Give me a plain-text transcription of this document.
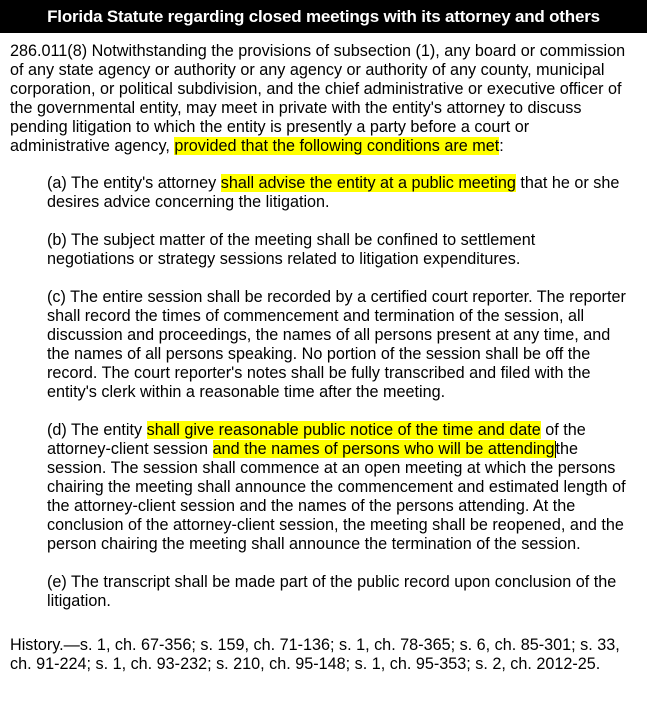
Florida Statute regarding closed meetings with its attorney and others

286.011(8) Notwithstanding the provisions of subsection (1), any board or commission of any state agency or authority or any agency or authority of any county, municipal corporation, or political subdivision, and the chief administrative or executive officer of the governmental entity, may meet in private with the entity's attorney to discuss pending litigation to which the entity is presently a party before a court or administrative agency, provided that the following conditions are met:

(a) The entity's attorney shall advise the entity at a public meeting that he or she desires advice concerning the litigation.

(b) The subject matter of the meeting shall be confined to settlement negotiations or strategy sessions related to litigation expenditures.

(c) The entire session shall be recorded by a certified court reporter. The reporter shall record the times of commencement and termination of the session, all discussion and proceedings, the names of all persons present at any time, and the names of all persons speaking. No portion of the session shall be off the record. The court reporter's notes shall be fully transcribed and filed with the entity's clerk within a reasonable time after the meeting.

(d) The entity shall give reasonable public notice of the time and date of the attorney-client session and the names of persons who will be attendingthe session. The session shall commence at an open meeting at which the persons chairing the meeting shall announce the commencement and estimated length of the attorney-client session and the names of the persons attending. At the conclusion of the attorney-client session, the meeting shall be reopened, and the person chairing the meeting shall announce the termination of the session.

(e) The transcript shall be made part of the public record upon conclusion of the litigation.

History.—s. 1, ch. 67-356; s. 159, ch. 71-136; s. 1, ch. 78-365; s. 6, ch. 85-301; s. 33, ch. 91-224; s. 1, ch. 93-232; s. 210, ch. 95-148; s. 1, ch. 95-353; s. 2, ch. 2012-25.
